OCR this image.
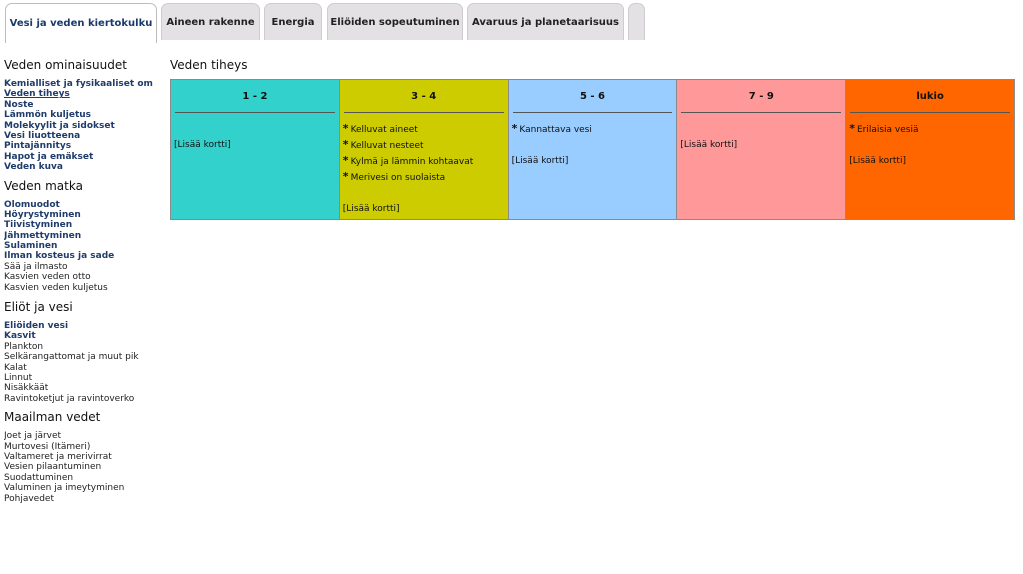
Vesi ja veden kiertokulku	Aineen rakenne	Energia	Eliöiden sopeutuminen	Avaruus ja planetaarisuus
Veden ominaisuudet
Kemialliset ja fysikaaliset om
Veden tiheys
Noste
Lämmön kuljetus
Molekyylit ja sidokset
Vesi liuotteena
Pintajännitys
Hapot ja emäkset
Veden kuva
Veden matka
Olomuodot
Höyrystyminen
Tiivistyminen
Jähmettyminen
Sulaminen
Ilman kosteus ja sade
Sää ja ilmasto
Kasvien veden otto
Kasvien veden kuljetus
Eliöt ja vesi
Eliöiden vesi
Kasvit
Plankton
Selkärangattomat ja muut pik
Kalat
Linnut
Nisäkkäät
Ravintoketjut ja ravintoverko
Maailman vedet
Joet ja järvet
Murtovesi (Itämeri)
Valtameret ja merivirrat
Vesien pilaantuminen
Suodattuminen
Valuminen ja imeytyminen
Pohjavedet
Veden tiheys
1 - 2
[Lisää kortti]
3 - 4
* Kelluvat aineet
* Kelluvat nesteet
* Kylmä ja lämmin kohtaavat
* Merivesi on suolaista
[Lisää kortti]
5 - 6
* Kannattava vesi
[Lisää kortti]
7 - 9
[Lisää kortti]
lukio
* Erilaisia vesiä
[Lisää kortti]
